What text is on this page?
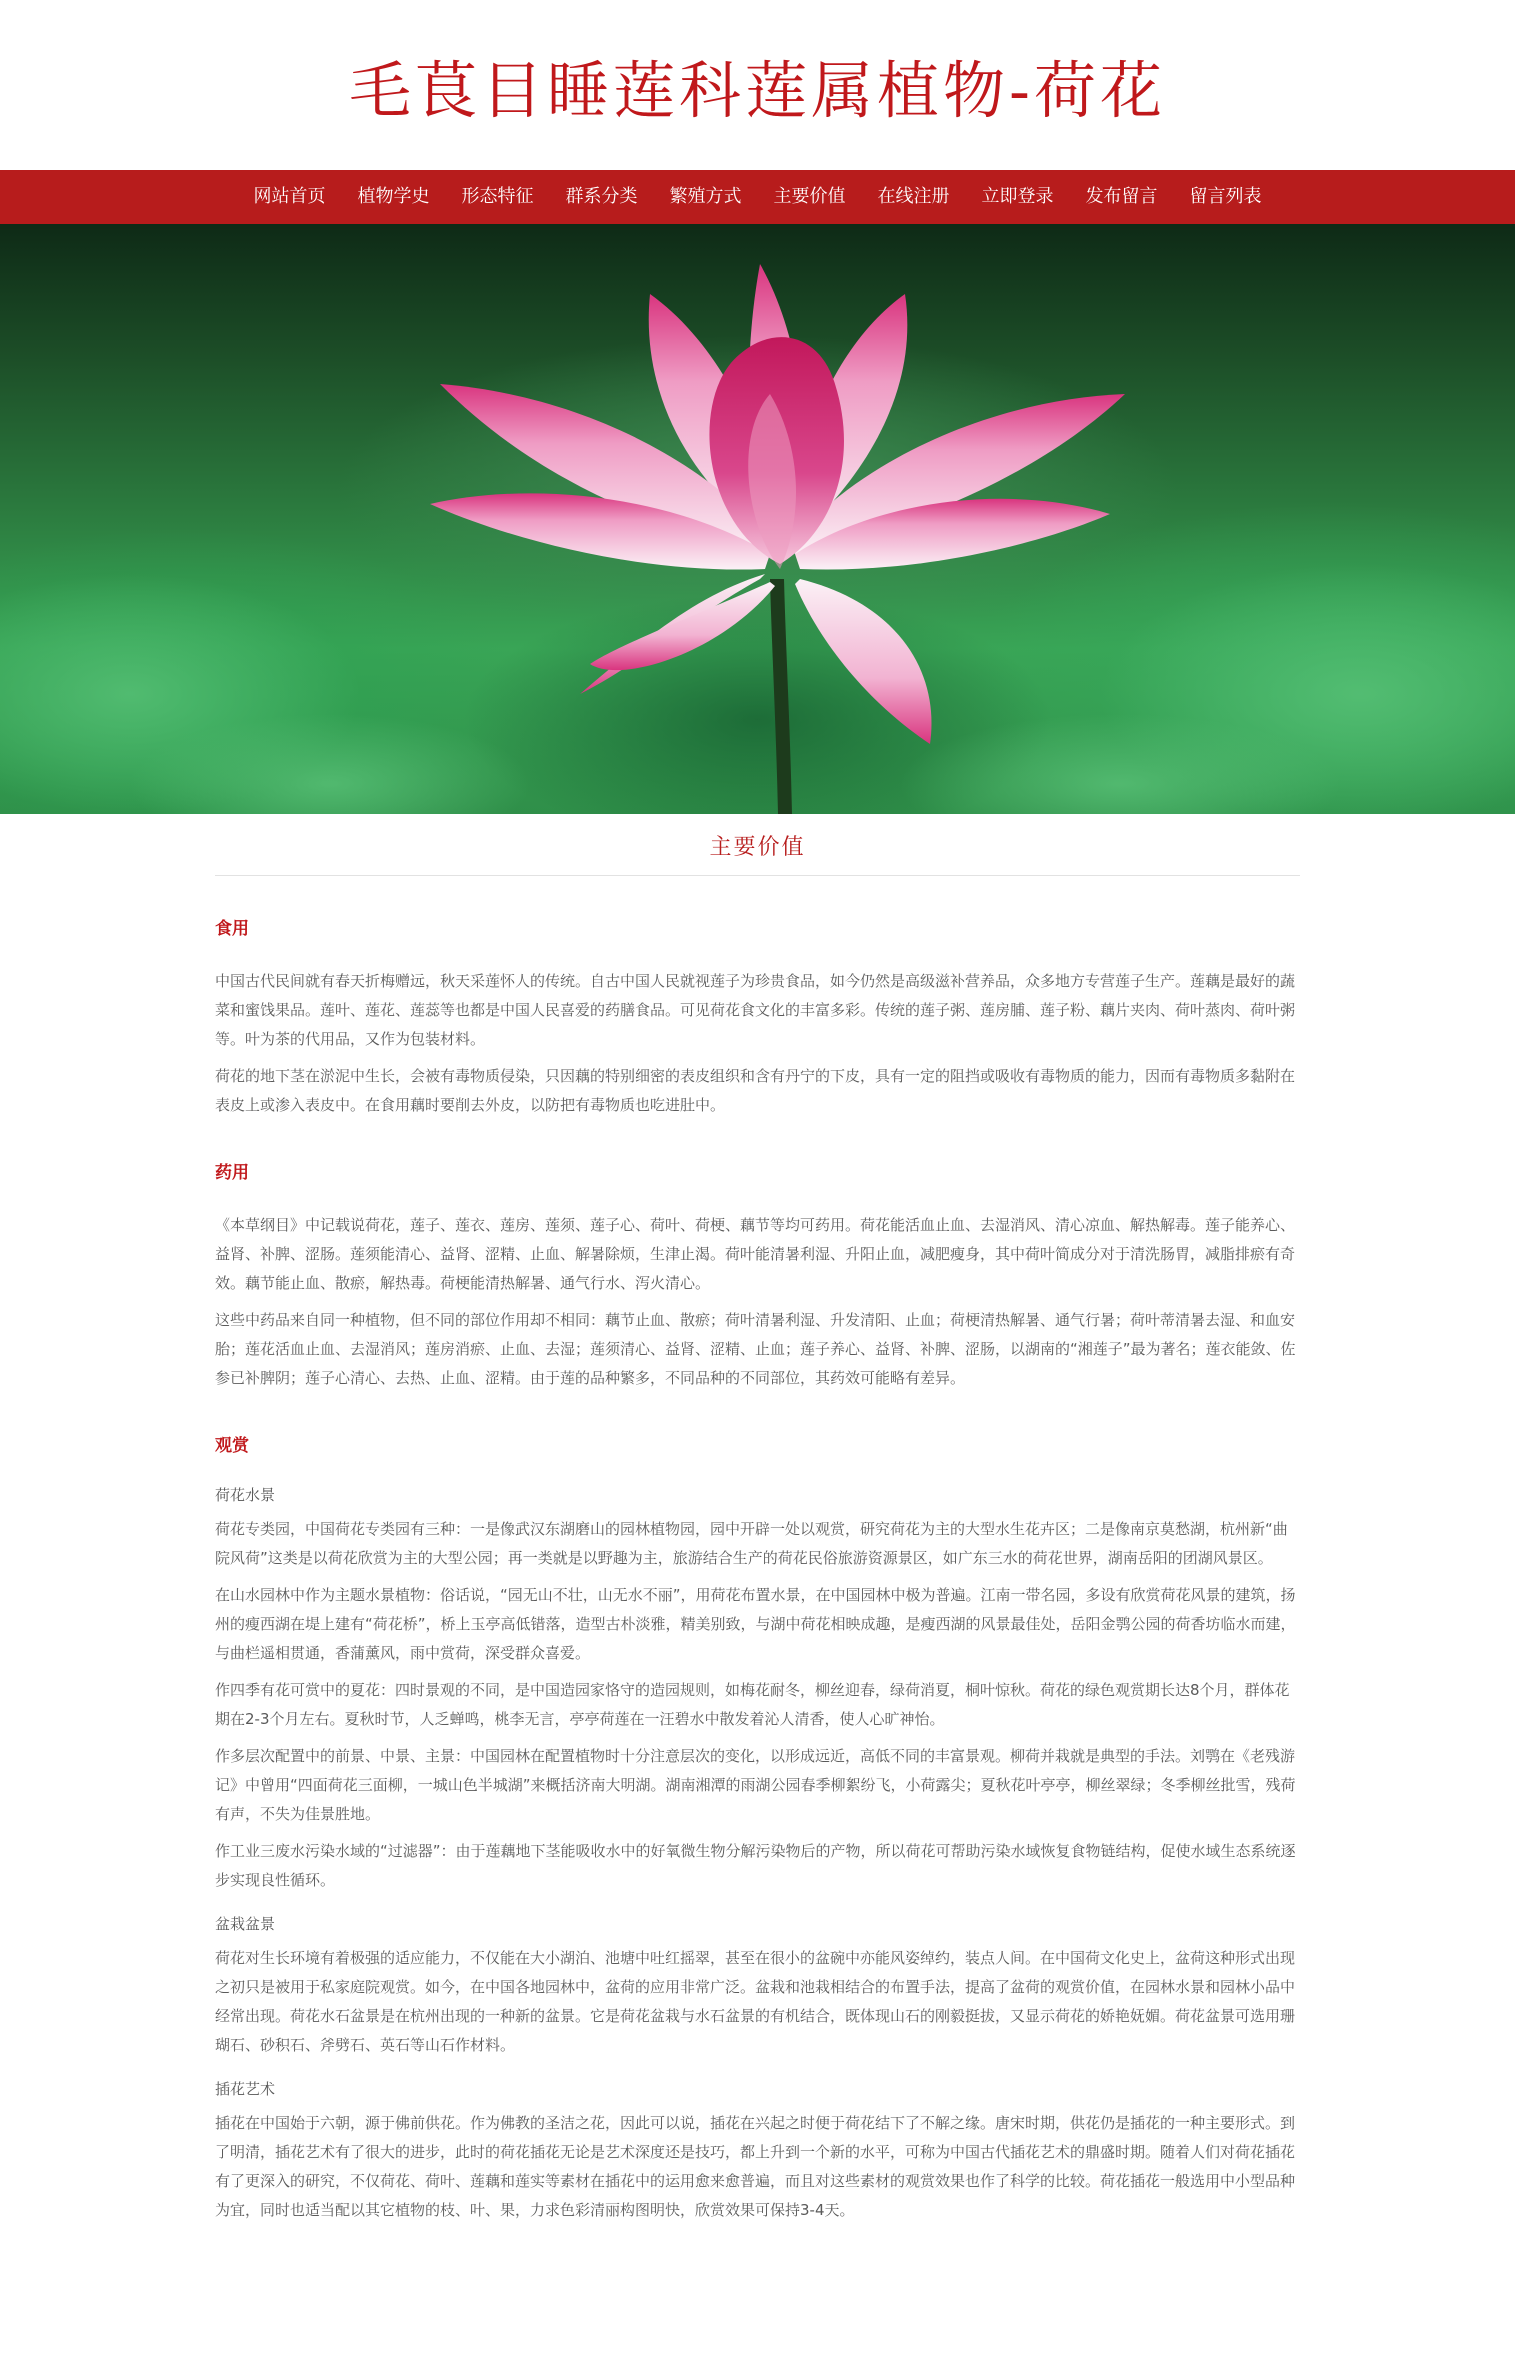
毛茛目睡莲科莲属植物-荷花
网站首页	植物学史	形态特征	群系分类	繁殖方式	主要价值	在线注册	立即登录	发布留言	留言列表
主要价值
食用

中国古代民间就有春天折梅赠远，秋天采莲怀人的传统。自古中国人民就视莲子为珍贵食品，如今仍然是高级滋补营养品，众多地方专营莲子生产。莲藕是最好的蔬菜和蜜饯果品。莲叶、莲花、莲蕊等也都是中国人民喜爱的药膳食品。可见荷花食文化的丰富多彩。传统的莲子粥、莲房脯、莲子粉、藕片夹肉、荷叶蒸肉、荷叶粥等。叶为茶的代用品，又作为包装材料。

荷花的地下茎在淤泥中生长，会被有毒物质侵染，只因藕的特别细密的表皮组织和含有丹宁的下皮，具有一定的阻挡或吸收有毒物质的能力，因而有毒物质多黏附在表皮上或渗入表皮中。在食用藕时要削去外皮，以防把有毒物质也吃进肚中。

药用

《本草纲目》中记载说荷花，莲子、莲衣、莲房、莲须、莲子心、荷叶、荷梗、藕节等均可药用。荷花能活血止血、去湿消风、清心凉血、解热解毒。莲子能养心、益肾、补脾、涩肠。莲须能清心、益肾、涩精、止血、解暑除烦，生津止渴。荷叶能清暑利湿、升阳止血，减肥瘦身，其中荷叶简成分对于清洗肠胃，减脂排瘀有奇效。藕节能止血、散瘀，解热毒。荷梗能清热解暑、通气行水、泻火清心。

这些中药品来自同一种植物，但不同的部位作用却不相同：藕节止血、散瘀；荷叶清暑利湿、升发清阳、止血；荷梗清热解暑、通气行暑；荷叶蒂清暑去湿、和血安胎；莲花活血止血、去湿消风；莲房消瘀、止血、去湿；莲须清心、益肾、涩精、止血；莲子养心、益肾、补脾、涩肠，以湖南的“湘莲子”最为著名；莲衣能敛、佐参已补脾阴；莲子心清心、去热、止血、涩精。由于莲的品种繁多，不同品种的不同部位，其药效可能略有差异。

观赏
荷花水景

荷花专类园，中国荷花专类园有三种：一是像武汉东湖磨山的园林植物园，园中开辟一处以观赏，研究荷花为主的大型水生花卉区；二是像南京莫愁湖，杭州新“曲院风荷”这类是以荷花欣赏为主的大型公园；再一类就是以野趣为主，旅游结合生产的荷花民俗旅游资源景区，如广东三水的荷花世界，湖南岳阳的团湖风景区。

在山水园林中作为主题水景植物：俗话说，“园无山不壮，山无水不丽”，用荷花布置水景，在中国园林中极为普遍。江南一带名园，多设有欣赏荷花风景的建筑，扬州的瘦西湖在堤上建有“荷花桥”，桥上玉亭高低错落，造型古朴淡雅，精美别致，与湖中荷花相映成趣，是瘦西湖的风景最佳处，岳阳金鹗公园的荷香坊临水而建，与曲栏遥相贯通，香蒲薰风，雨中赏荷，深受群众喜爱。

作四季有花可赏中的夏花：四时景观的不同，是中国造园家恪守的造园规则，如梅花耐冬，柳丝迎春，绿荷消夏，桐叶惊秋。荷花的绿色观赏期长达8个月，群体花期在2-3个月左右。夏秋时节，人乏蝉鸣，桃李无言，亭亭荷莲在一汪碧水中散发着沁人清香，使人心旷神怡。

作多层次配置中的前景、中景、主景：中国园林在配置植物时十分注意层次的变化，以形成远近，高低不同的丰富景观。柳荷并栽就是典型的手法。刘鹗在《老残游记》中曾用“四面荷花三面柳，一城山色半城湖”来概括济南大明湖。湖南湘潭的雨湖公园春季柳絮纷飞，小荷露尖；夏秋花叶亭亭，柳丝翠绿；冬季柳丝批雪，残荷有声，不失为佳景胜地。

作工业三废水污染水域的“过滤器”：由于莲藕地下茎能吸收水中的好氧微生物分解污染物后的产物，所以荷花可帮助污染水域恢复食物链结构，促使水域生态系统逐步实现良性循环。

盆栽盆景

荷花对生长环境有着极强的适应能力，不仅能在大小湖泊、池塘中吐红摇翠，甚至在很小的盆碗中亦能风姿绰约，装点人间。在中国荷文化史上，盆荷这种形式出现之初只是被用于私家庭院观赏。如今，在中国各地园林中，盆荷的应用非常广泛。盆栽和池栽相结合的布置手法，提高了盆荷的观赏价值，在园林水景和园林小品中经常出现。荷花水石盆景是在杭州出现的一种新的盆景。它是荷花盆栽与水石盆景的有机结合，既体现山石的刚毅挺拔，又显示荷花的娇艳妩媚。荷花盆景可选用珊瑚石、砂积石、斧劈石、英石等山石作材料。

插花艺术

插花在中国始于六朝，源于佛前供花。作为佛教的圣洁之花，因此可以说，插花在兴起之时便于荷花结下了不解之缘。唐宋时期，供花仍是插花的一种主要形式。到了明清，插花艺术有了很大的进步，此时的荷花插花无论是艺术深度还是技巧，都上升到一个新的水平，可称为中国古代插花艺术的鼎盛时期。随着人们对荷花插花有了更深入的研究，不仅荷花、荷叶、莲藕和莲实等素材在插花中的运用愈来愈普遍，而且对这些素材的观赏效果也作了科学的比较。荷花插花一般选用中小型品种为宜，同时也适当配以其它植物的枝、叶、果，力求色彩清丽构图明快，欣赏效果可保持3-4天。
